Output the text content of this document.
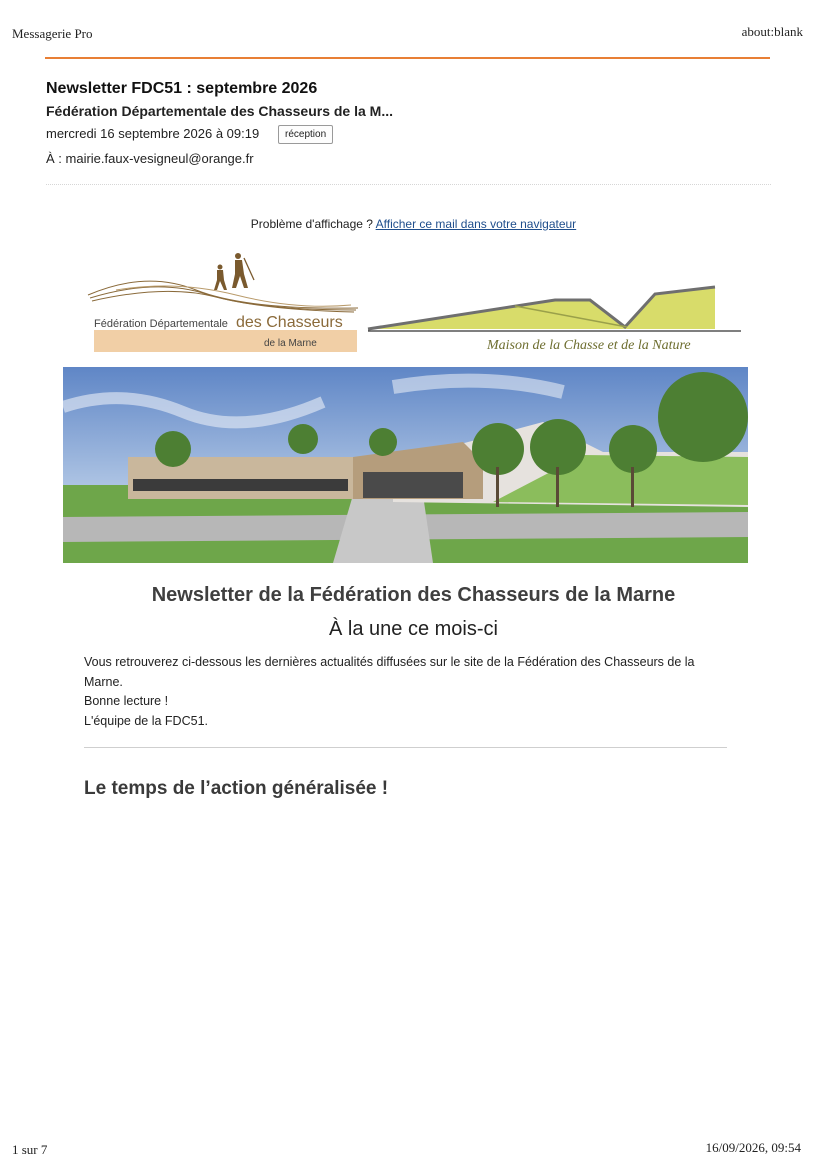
Messagerie Pro	about:blank
Newsletter FDC51 : septembre 2026
Fédération Départementale des Chasseurs de la M...
mercredi 16 septembre 2026 à 09:19	réception
À : mairie.faux-vesigneul@orange.fr
Problème d'affichage ? Afficher ce mail dans votre navigateur
Fédération Départementale des Chasseurs
de la Marne	Maison de la Chasse et de la Nature
Newsletter de la Fédération des Chasseurs de la Marne
À la une ce mois-ci

Vous retrouverez ci-dessous les dernières actualités diffusées sur le site de la Fédération des Chasseurs de la Marne.

Bonne lecture !

L'équipe de la FDC51.

Le temps de l’action généralisée !
1 sur 7	16/09/2026, 09:54
